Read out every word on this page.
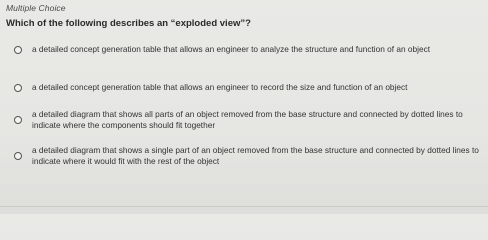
Multiple Choice
Which of the following describes an “exploded view”?
a detailed concept generation table that allows an engineer to analyze the structure and function of an object
a detailed concept generation table that allows an engineer to record the size and function of an object
a detailed diagram that shows all parts of an object removed from the base structure and connected by dotted lines to indicate where the components should fit together
a detailed diagram that shows a single part of an object removed from the base structure and connected by dotted lines to indicate where it would fit with the rest of the object
